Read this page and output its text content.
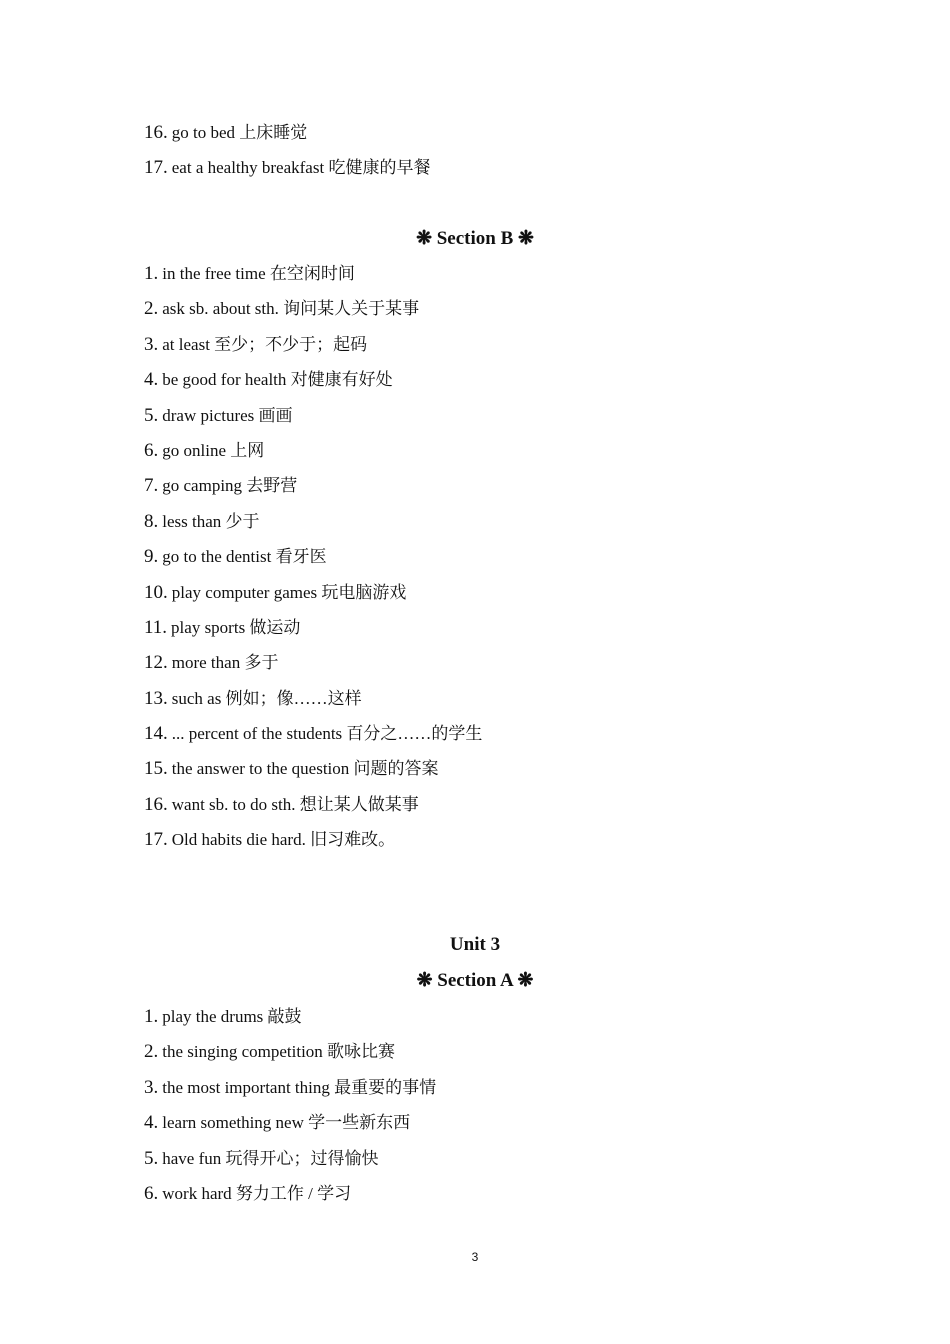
16. go to bed 上床睡觉
17. eat a healthy breakfast 吃健康的早餐
❋ Section B ❋
1. in the free time 在空闲时间
2. ask sb. about sth. 询问某人关于某事
3. at least 至少；不少于；起码
4. be good for health 对健康有好处
5. draw pictures 画画
6. go online 上网
7. go camping 去野营
8. less than 少于
9. go to the dentist 看牙医
10. play computer games 玩电脑游戏
11. play sports 做运动
12. more than 多于
13. such as 例如；像……这样
14. ... percent of the students 百分之……的学生
15. the answer to the question 问题的答案
16. want sb. to do sth. 想让某人做某事
17. Old habits die hard. 旧习难改。
Unit 3
❋ Section A ❋
1. play the drums 敲鼓
2. the singing competition 歌咏比赛
3. the most important thing 最重要的事情
4. learn something new 学一些新东西
5. have fun 玩得开心；过得愉快
6. work hard 努力工作 / 学习
3
